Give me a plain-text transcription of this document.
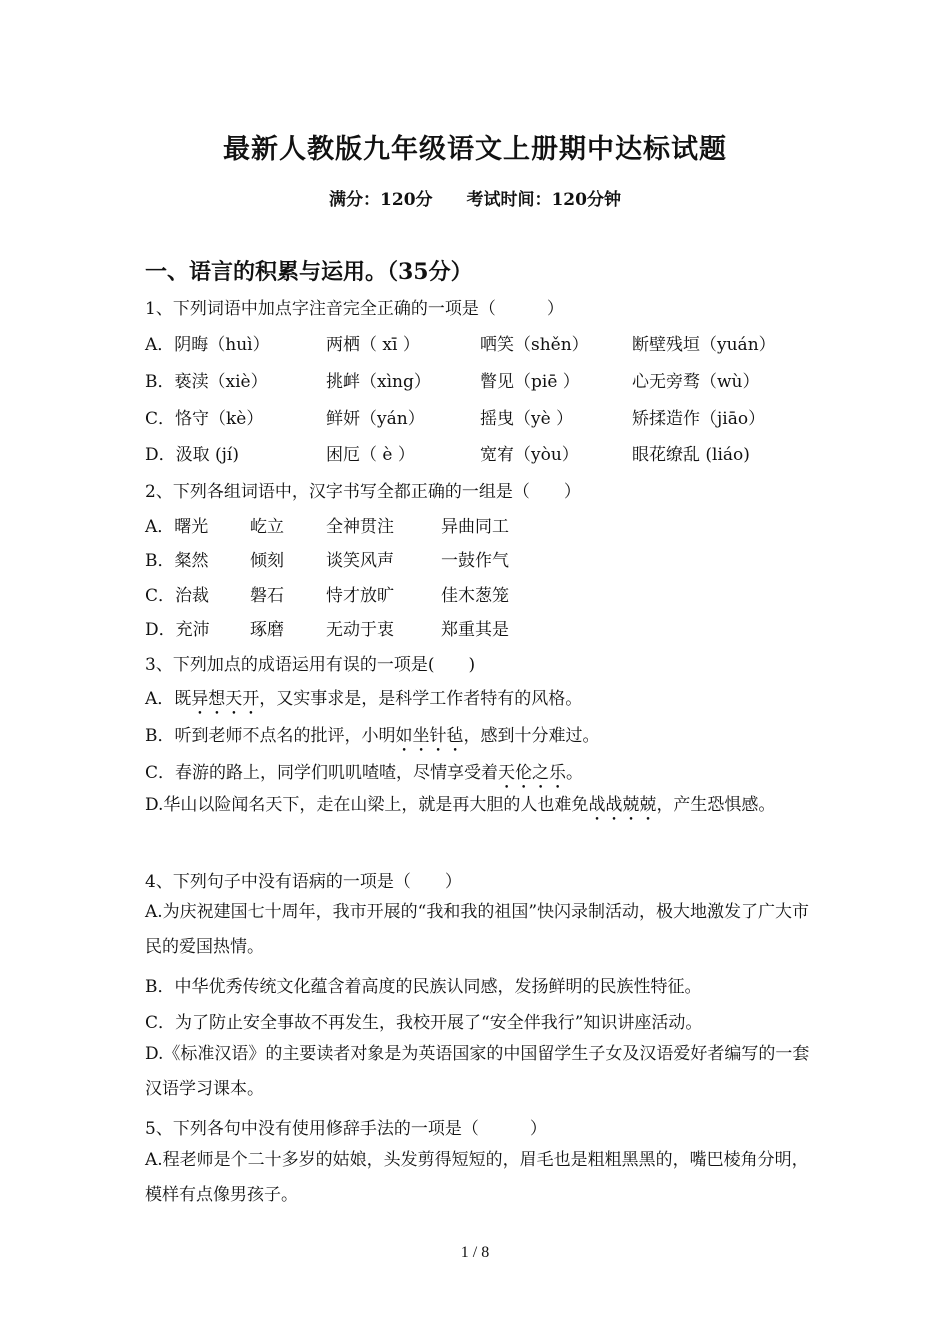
最新人教版九年级语文上册期中达标试题
满分：120分 考试时间：120分钟
一、语言的积累与运用。（35分）
1、下列词语中加点字注音完全正确的一项是（　　　）
A．阴晦（huì）	两栖（ xī ）	哂笑（shěn）	断壁残垣（yuán）
B．亵渎（xiè）	挑衅（xìng）	瞥见（piē ）	心无旁骛（wù）
C．恪守（kè）	鲜妍（yán）	摇曳（yè ）	矫揉造作（jiāo）
D．汲取 (jí)	困厄（ è ）	宽宥（yòu）	眼花缭乱 (liáo)
2、下列各组词语中，汉字书写全都正确的一组是（　　）
A．曙光 屹立 全神贯注	异曲同工
B．粲然 倾刻 谈笑风声	一鼓作气
C．治裁 磐石 恃才放旷	佳木葱笼
D．充沛 琢磨 无动于衷	郑重其是
3、下列加点的成语运用有误的一项是(　　)
A．既异想天开，又实事求是，是科学工作者特有的风格。
B．听到老师不点名的批评，小明如坐针毡，感到十分难过。
C．春游的路上，同学们叽叽喳喳，尽情享受着天伦之乐。
D.华山以险闻名天下，走在山梁上，就是再大胆的人也难免战战兢兢，产生恐惧感。
4、下列句子中没有语病的一项是（　　）
A.为庆祝建国七十周年，我市开展的“我和我的祖国”快闪录制活动，极大地激发了广大市民的爱国热情。
B．中华优秀传统文化蕴含着高度的民族认同感，发扬鲜明的民族性特征。
C．为了防止安全事故不再发生，我校开展了“安全伴我行”知识讲座活动。
D.《标准汉语》的主要读者对象是为英语国家的中国留学生子女及汉语爱好者编写的一套汉语学习课本。
5、下列各句中没有使用修辞手法的一项是（　　　）
A.程老师是个二十多岁的姑娘，头发剪得短短的，眉毛也是粗粗黑黑的，嘴巴棱角分明，模样有点像男孩子。
1 / 8
